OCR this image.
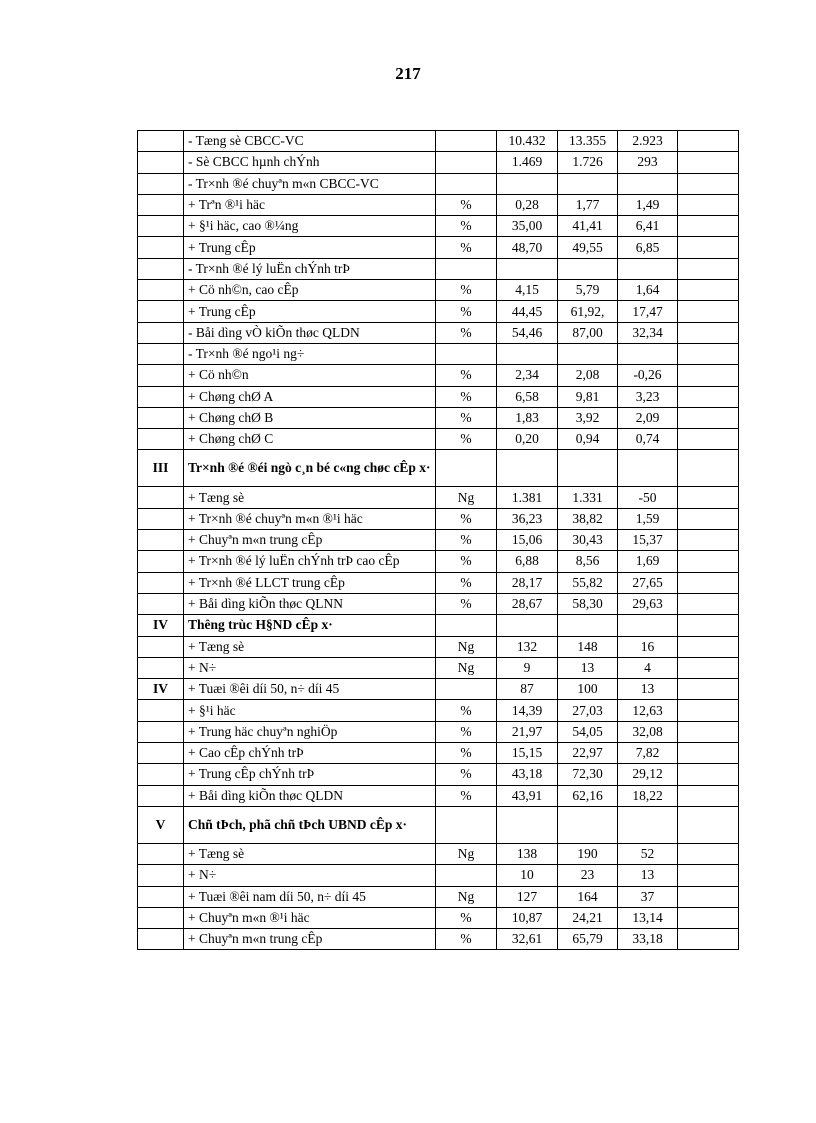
217
	- Tæng sè CBCC-VC		10.432	13.355	2.923	
	- Sè CBCC hµnh chÝnh		1.469	1.726	293	
	- Tr×nh ®é chuyªn m«n CBCC-VC					
	+ Trªn ®¹i häc	%	0,28	1,77	1,49	
	+ §¹i häc, cao ®¼ng	%	35,00	41,41	6,41	
	+ Trung cÊp	%	48,70	49,55	6,85	
	- Tr×nh ®é lý luËn chÝnh trÞ					
	+ Cö nh©n, cao cÊp	%	4,15	5,79	1,64	
	+ Trung cÊp	%	44,45	61,92,	17,47	
	- Båi dìng vÒ kiÕn thøc QLDN	%	54,46	87,00	32,34	
	- Tr×nh ®é ngo¹i ng÷					
	+ Cö nh©n	%	2,34	2,08	-0,26	
	+ Chøng chØ A	%	6,58	9,81	3,23	
	+ Chøng chØ B	%	1,83	3,92	2,09	
	+ Chøng chØ C	%	0,20	0,94	0,74	
III	Tr×nh ®é ®éi ngò c¸n bé c«ng chøc cÊp x·					
	+ Tæng sè	Ng	1.381	1.331	-50	
	+ Tr×nh ®é chuyªn m«n ®¹i häc	%	36,23	38,82	1,59	
	+ Chuyªn m«n trung cÊp	%	15,06	30,43	15,37	
	+ Tr×nh ®é lý luËn chÝnh trÞ cao cÊp	%	6,88	8,56	1,69	
	+ Tr×nh ®é LLCT trung cÊp	%	28,17	55,82	27,65	
	+ Båi dìng kiÕn thøc QLNN	%	28,67	58,30	29,63	
IV	Thêng trùc H§ND cÊp x·					
	+ Tæng sè	Ng	132	148	16	
	+ N÷	Ng	9	13	4	
IV	+ Tuæi ®êi díi 50, n÷ díi 45		87	100	13	
	+ §¹i häc	%	14,39	27,03	12,63	
	+ Trung häc chuyªn nghiÖp	%	21,97	54,05	32,08	
	+ Cao cÊp chÝnh trÞ	%	15,15	22,97	7,82	
	+ Trung cÊp chÝnh trÞ	%	43,18	72,30	29,12	
	+ Båi dìng kiÕn thøc QLDN	%	43,91	62,16	18,22	
V	Chñ tÞch, phã chñ tÞch UBND cÊp x·					
	+ Tæng sè	Ng	138	190	52	
	+ N÷		10	23	13	
	+ Tuæi ®êi nam díi 50, n÷ díi 45	Ng	127	164	37	
	+ Chuyªn m«n ®¹i häc	%	10,87	24,21	13,14	
	+ Chuyªn m«n trung cÊp	%	32,61	65,79	33,18	
